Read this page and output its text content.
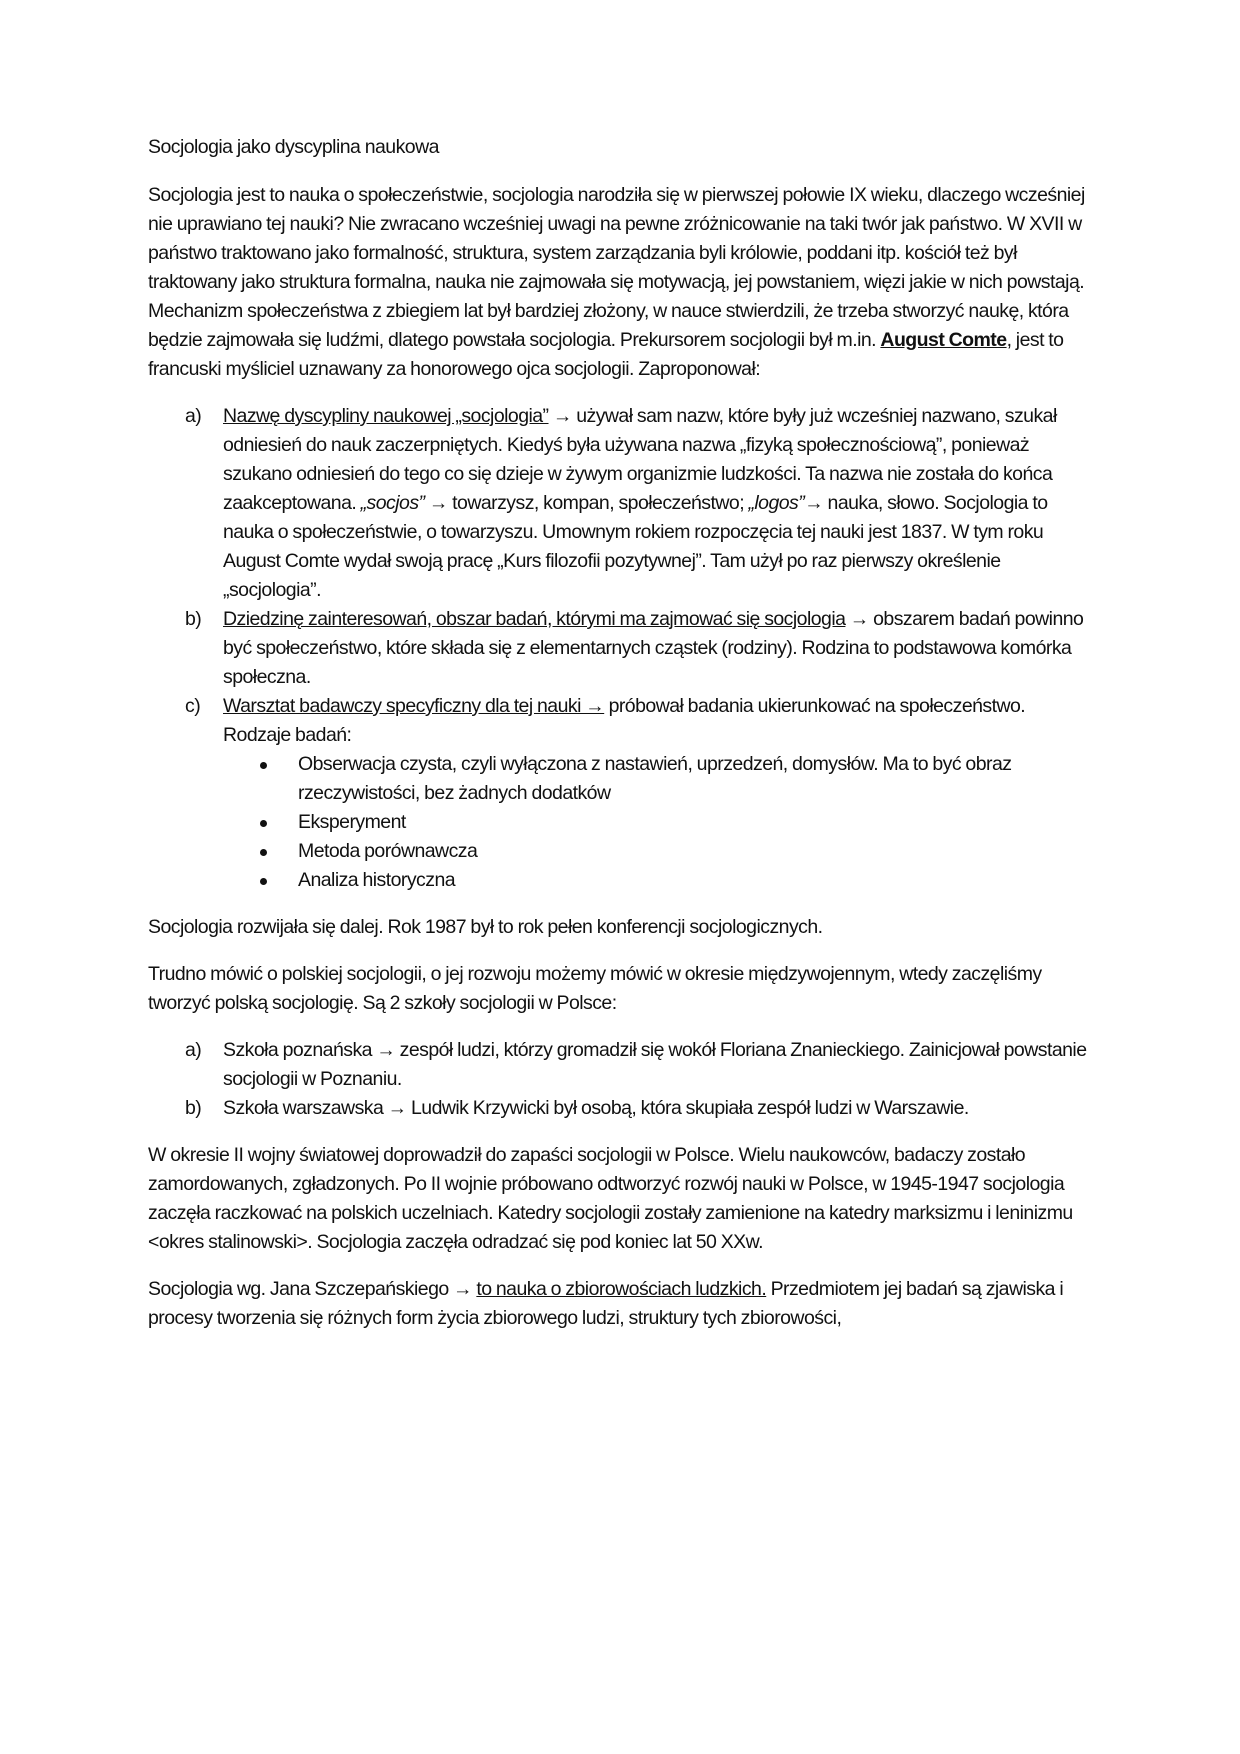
Socjologia jako dyscyplina naukowa

Socjologia jest to nauka o społeczeństwie, socjologia narodziła się w pierwszej połowie IX wieku, dlaczego wcześniej nie uprawiano tej nauki? Nie zwracano wcześniej uwagi na pewne zróżnicowanie na taki twór jak państwo. W XVII w państwo traktowano jako formalność, struktura, system zarządzania byli królowie, poddani itp. kościół też był traktowany jako struktura formalna, nauka nie zajmowała się motywacją, jej powstaniem, więzi jakie w nich powstają. Mechanizm społeczeństwa z zbiegiem lat był bardziej złożony, w nauce stwierdzili, że trzeba stworzyć naukę, która będzie zajmowała się ludźmi, dlatego powstała socjologia. Prekursorem socjologii był m.in. August Comte, jest to francuski myśliciel uznawany za honorowego ojca socjologii. Zaproponował:

a) Nazwę dyscypliny naukowej „socjologia” → używał sam nazw, które były już wcześniej nazwano, szukał odniesień do nauk zaczerpniętych. Kiedyś była używana nazwa „fizyką społecznościową”, ponieważ szukano odniesień do tego co się dzieje w żywym organizmie ludzkości. Ta nazwa nie została do końca zaakceptowana. „socjos” → towarzysz, kompan, społeczeństwo; „logos”→ nauka, słowo. Socjologia to nauka o społeczeństwie, o towarzyszu. Umownym rokiem rozpoczęcia tej nauki jest 1837. W tym roku August Comte wydał swoją pracę „Kurs filozofii pozytywnej”. Tam użył po raz pierwszy określenie „socjologia”.
b) Dziedzinę zainteresowań, obszar badań, którymi ma zajmować się socjologia → obszarem badań powinno być społeczeństwo, które składa się z elementarnych cząstek (rodziny). Rodzina to podstawowa komórka społeczna.
c) Warsztat badawczy specyficzny dla tej nauki → próbował badania ukierunkować na społeczeństwo. Rodzaje badań:
Obserwacja czysta, czyli wyłączona z nastawień, uprzedzeń, domysłów. Ma to być obraz rzeczywistości, bez żadnych dodatków
Eksperyment
Metoda porównawcza
Analiza historyczna

Socjologia rozwijała się dalej. Rok 1987 był to rok pełen konferencji socjologicznych.

Trudno mówić o polskiej socjologii, o jej rozwoju możemy mówić w okresie międzywojennym, wtedy zaczęliśmy tworzyć polską socjologię. Są 2 szkoły socjologii w Polsce:

a) Szkoła poznańska → zespół ludzi, którzy gromadził się wokół Floriana Znanieckiego. Zainicjował powstanie socjologii w Poznaniu.
b) Szkoła warszawska → Ludwik Krzywicki był osobą, która skupiała zespół ludzi w Warszawie.

W okresie II wojny światowej doprowadził do zapaści socjologii w Polsce. Wielu naukowców, badaczy zostało zamordowanych, zgładzonych. Po II wojnie próbowano odtworzyć rozwój nauki w Polsce, w 1945-1947 socjologia zaczęła raczkować na polskich uczelniach. Katedry socjologii zostały zamienione na katedry marksizmu i leninizmu <okres stalinowski>. Socjologia zaczęła odradzać się pod koniec lat 50 XXw.

Socjologia wg. Jana Szczepańskiego → to nauka o zbiorowościach ludzkich. Przedmiotem jej badań są zjawiska i procesy tworzenia się różnych form życia zbiorowego ludzi, struktury tych zbiorowości,
